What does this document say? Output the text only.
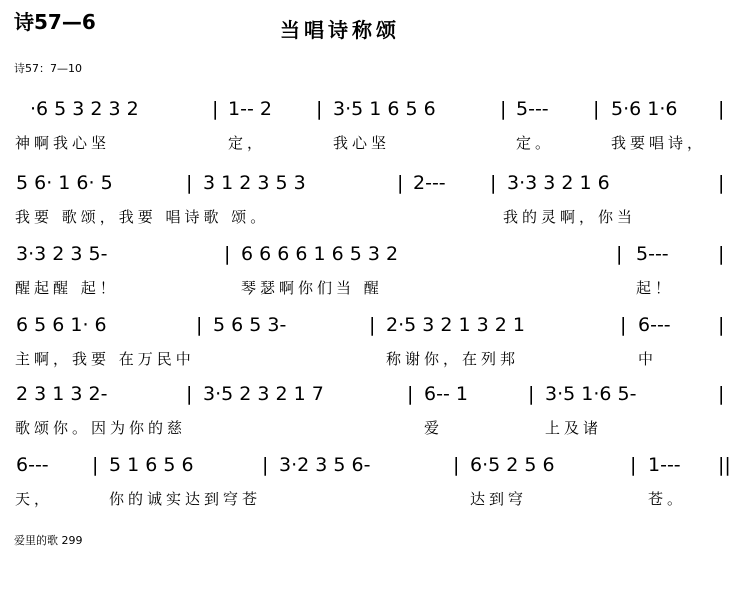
诗57—6	当唱诗称颂
诗57：7—10
·6 5 3 2 3 2	| 1-- 2 | 3·5 1 6 5 6	| 5--- | 5·6 1·6 |
神啊我心坚	定，	我心坚	定。	我要唱诗，
5 6· 1 6· 5	| 3 1 2 3 5 3	| 2--- | 3·3 3 2 1 6	|
我要 歌颂，我要 唱诗歌 颂。	我的灵啊，你当
3·3 2 3 5-	| 6 6 6 6 1 6 5 3 2	| 5---	|
醒起醒 起！	琴瑟啊你们当 醒	起！
6 5 6 1· 6	| 5 6 5 3-	| 2·5 3 2 1 3 2 1	| 6--- |
主啊，我要 在万民中	称谢你，在列邦	中
2 3 1 3 2-	| 3·5 2 3 2 1 7	| 6-- 1	| 3·5 1·6 5-	|
歌颂你。因为你的慈	爱	上及诸
6--- | 5 1 6 5 6	| 3·2 3 5 6-	| 6·5 2 5 6	| 1--- ||
天，	你的诚实达到穹苍	达到穹	苍。
爱里的歌 299
